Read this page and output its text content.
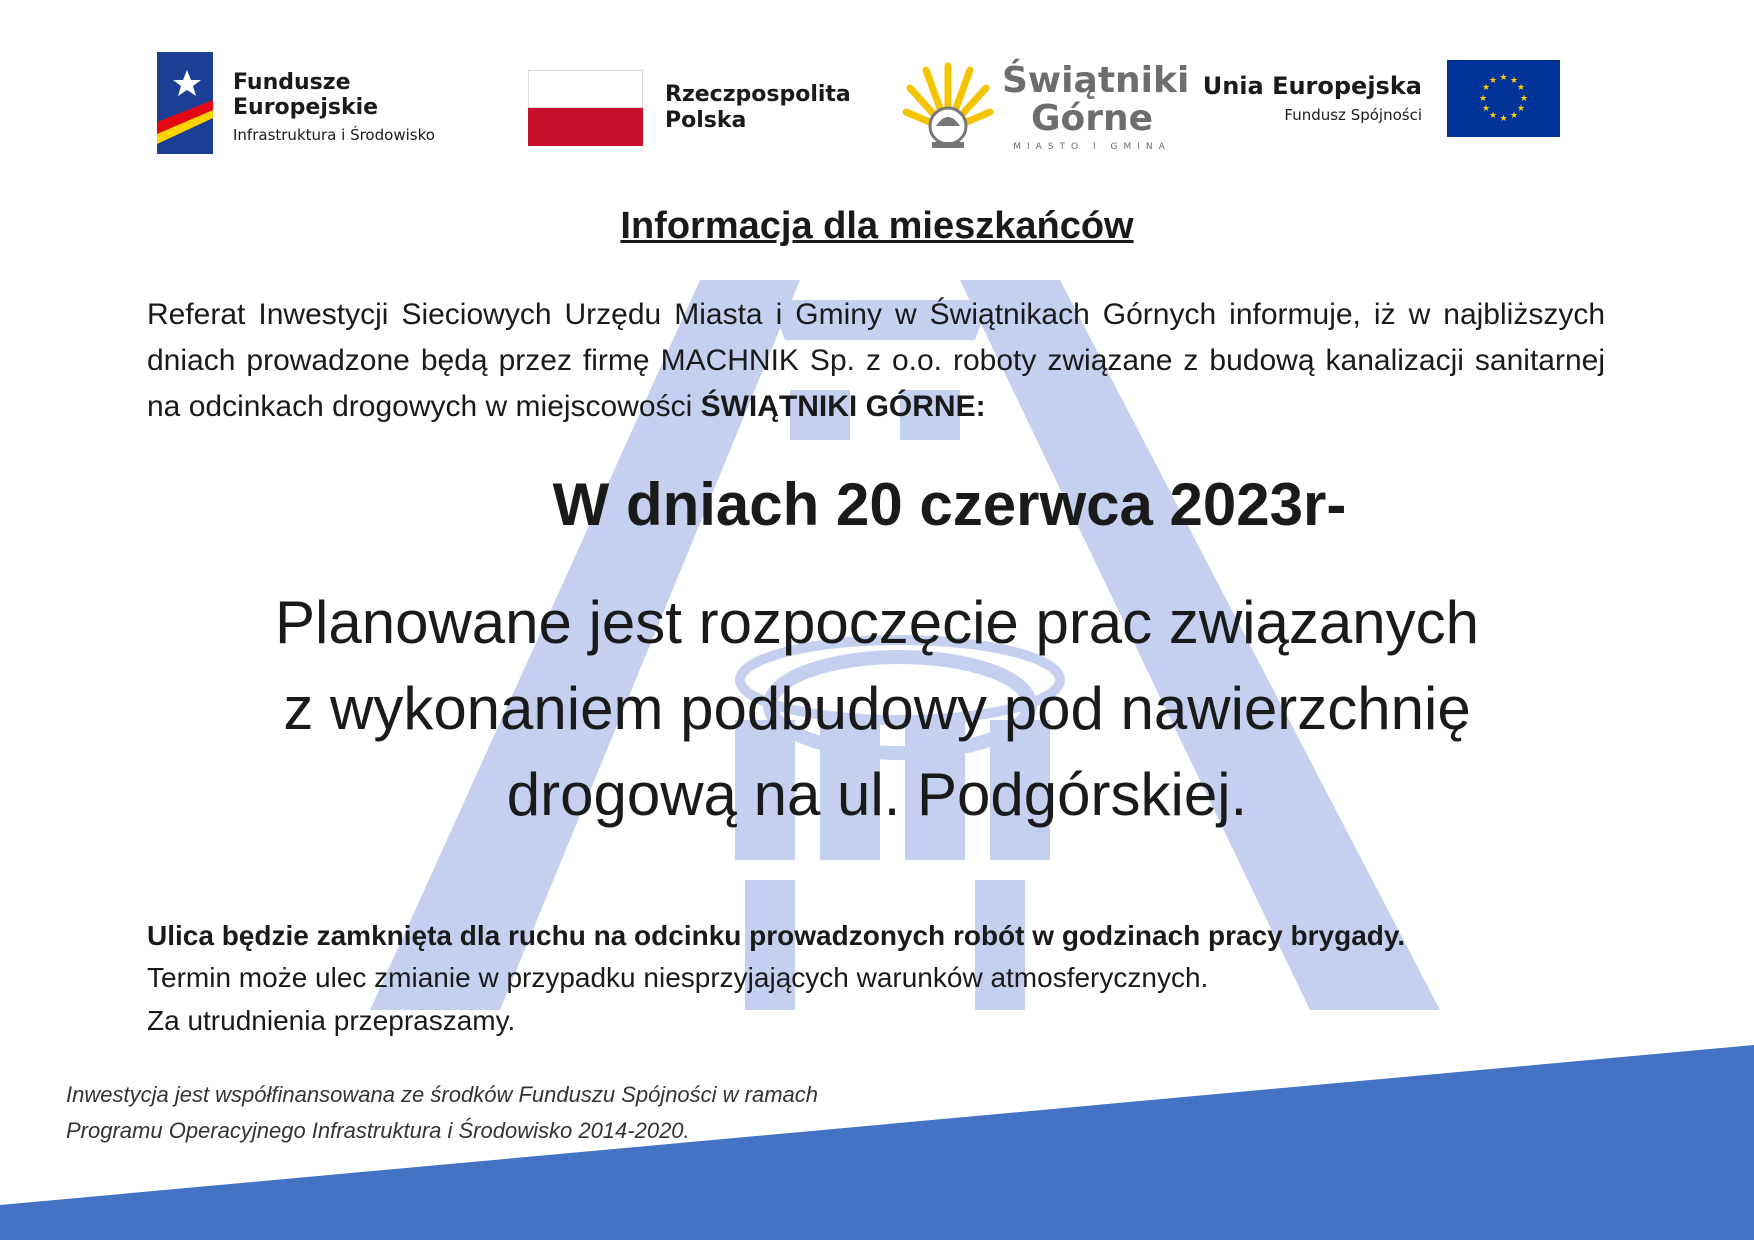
Fundusze
Europejskie
Infrastruktura i Środowisko
Rzeczpospolita
Polska
Świątniki
Górne
MIASTO I GMINA
Unia Europejska
Fundusz Spójności
★ ★
★
★
★
★
★
★
★
★
★
★
Informacja dla mieszkańców
Referat Inwestycji Sieciowych Urzędu Miasta i Gminy w Świątnikach Górnych informuje, iż w najbliższych dniach prowadzone będą przez firmę MACHNIK Sp. z o.o. roboty związane z budową kanalizacji sanitarnej na odcinkach drogowych w miejscowości ŚWIĄTNIKI GÓRNE:
W dniach 20 czerwca 2023r-
Planowane jest rozpoczęcie prac związanych
z wykonaniem podbudowy pod nawierzchnię
drogową na ul. Podgórskiej.
Ulica będzie zamknięta dla ruchu na odcinku prowadzonych robót w godzinach pracy brygady.
Termin może ulec zmianie w przypadku niesprzyjających warunków atmosferycznych.
Za utrudnienia przepraszamy.
Inwestycja jest współfinansowana ze środków Funduszu Spójności w ramach
Programu Operacyjnego Infrastruktura i Środowisko 2014-2020.
